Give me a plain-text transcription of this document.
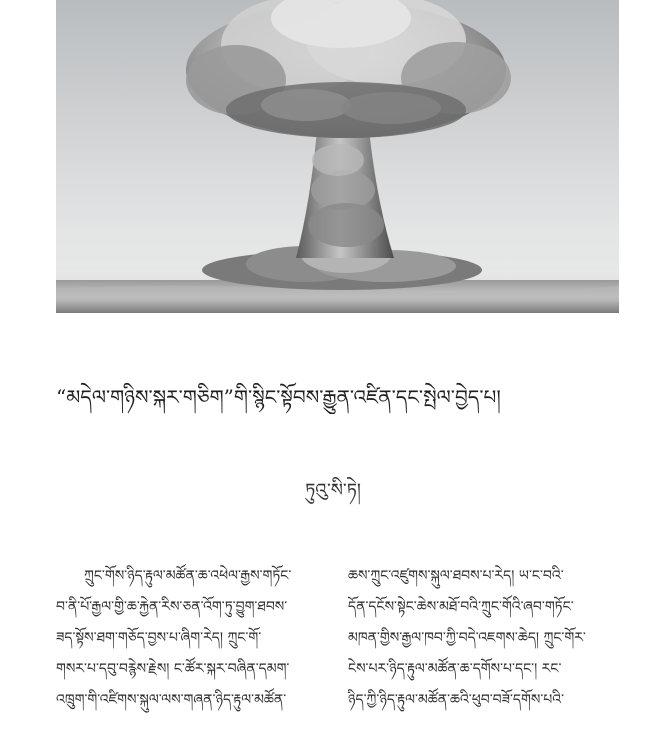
“མདེལ་གཉིས་སྐར་གཅིག”གི་སྙིང་སྟོབས་རྒྱུན་འཛིན་དང་སྤེལ་བྱེད་པ།
ཏུའུ་སི་ཏེ།
ཀྲུང་གོས་ཉིད་རྟུལ་མཚོན་ཆ་འཕེལ་རྒྱས་གཏོང་
བ་ནི་པོ་རྒྱལ་གྱི་ཆ་རྐྱེན་རིས་ཅན་འོག་ཏུ་བྱུག་ཐབས་
ཟད་སྟོས་ཐག་གཅོད་བྱས་པ་ཞིག་རེད། ཀྲུང་གོ་
གསར་པ་དབུ་བརྙེས་རྗེས། ང་ཚོར་སྐར་བཞིན་དམག་
འཁྲུག་གི་འཛིགས་སྐུལ་ལས་གཞན་ཉིད་རྟུལ་མཚོན་
ཆས་ཀྲུང་འཛུགས་སྐུལ་ཐབས་པ་རེད། ཡ་ང་བའི་
དོན་དངོས་སྟེང་ཆེས་མཐོ་བའི་ཀྲུང་གོའི་ཞབ་གཏོང་
མཁན་གྱིས་རྒྱལ་ཁབ་ཀྱི་བདེ་འཇགས་ཆེད། ཀྲུང་གོར་
ངེས་པར་ཉིད་རྟུལ་མཚོན་ཆ་དགོས་པ་དང་། རང་
ཉིད་ཀྱི་ཉིད་རྟུལ་མཚོན་ཆའི་ཕུབ་བཟོ་དགོས་པའི་
